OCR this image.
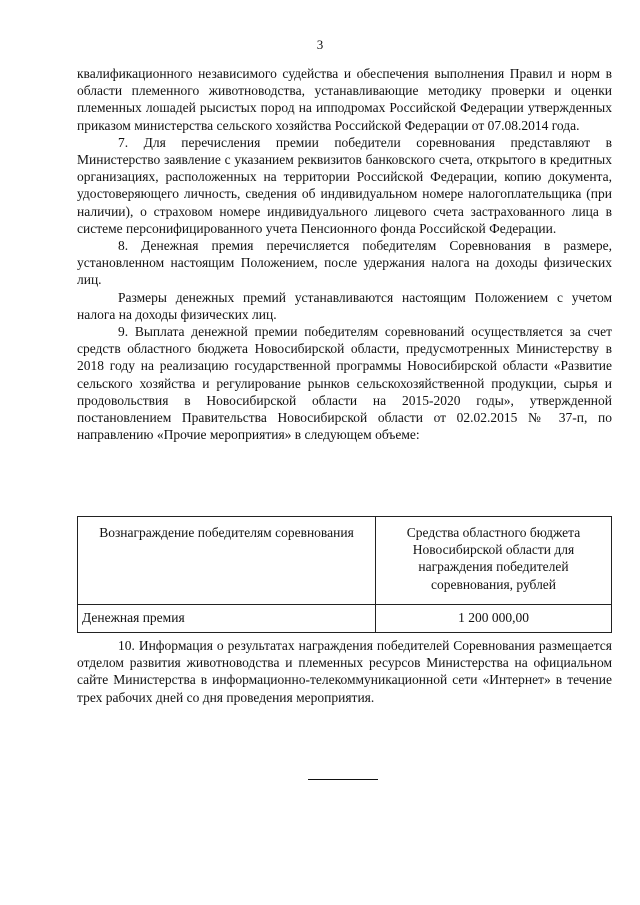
3

квалификационного независимого судейства и обеспечения выполнения Правил и норм в области племенного животноводства, устанавливающие методику проверки и оценки племенных лошадей рысистых пород на ипподромах Российской Федерации утвержденных приказом министерства сельского хозяйства Российской Федерации от 07.08.2014 года.

7. Для перечисления премии победители соревнования представляют в Министерство заявление с указанием реквизитов банковского счета, открытого в кредитных организациях, расположенных на территории Российской Федерации, копию документа, удостоверяющего личность, сведения об индивидуальном номере налогоплательщика (при наличии), о страховом номере индивидуального лицевого счета застрахованного лица в системе персонифицированного учета Пенсионного фонда Российской Федерации.

8. Денежная премия перечисляется победителям Соревнования в размере, установленном настоящим Положением, после удержания налога на доходы физических лиц.

Размеры денежных премий устанавливаются настоящим Положением с учетом налога на доходы физических лиц.

9. Выплата денежной премии победителям соревнований осуществляется за счет средств областного бюджета Новосибирской области, предусмотренных Министерству в 2018 году на реализацию государственной программы Новосибирской области «Развитие сельского хозяйства и регулирование рынков сельскохозяйственной продукции, сырья и продовольствия в Новосибирской области на 2015-2020 годы», утвержденной постановлением Правительства Новосибирской области от 02.02.2015 № 37-п, по направлению «Прочие мероприятия» в следующем объеме:

Вознаграждение победителям соревнования	Средства областного бюджета Новосибирской области для награждения победителей соревнования, рублей
Денежная премия	1 200 000,00

10. Информация о результатах награждения победителей Соревнования размещается отделом развития животноводства и племенных ресурсов Министерства на официальном сайте Министерства в информационно-телекоммуникационной сети «Интернет» в течение трех рабочих дней со дня проведения мероприятия.
